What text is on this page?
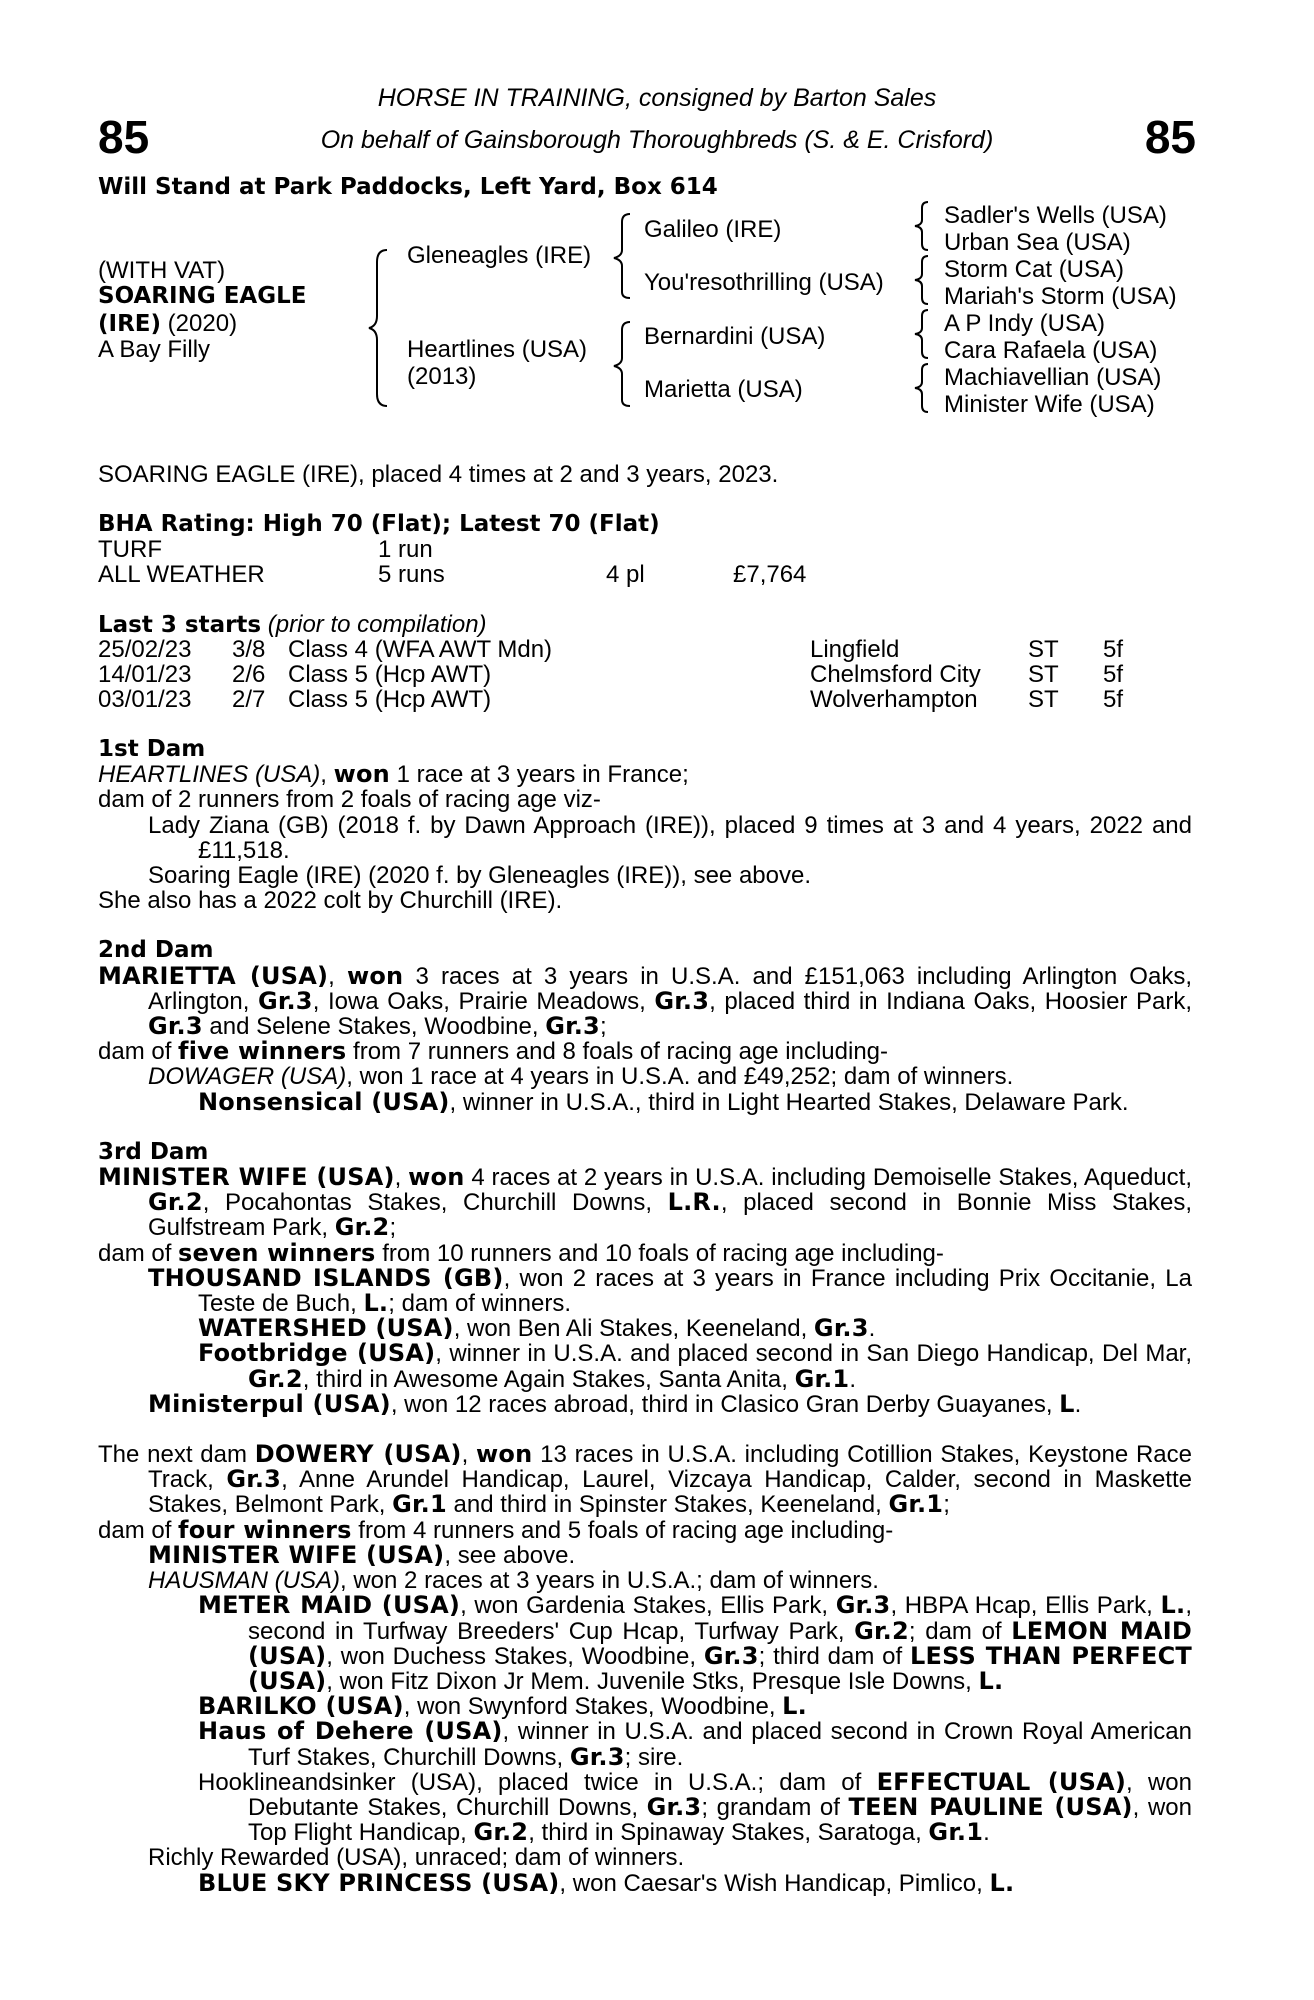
85	85
HORSE IN TRAINING, consigned by Barton Sales
On behalf of Gainsborough Thoroughbreds (S. & E. Crisford)
Will Stand at Park Paddocks, Left Yard, Box 614
(WITH VAT)
SOARING EAGLE
(IRE) (2020)
A Bay Filly
Gleneagles (IRE)
Heartlines (USA)
(2013)
Galileo (IRE)
You'resothrilling (USA)
Bernardini (USA)
Marietta (USA)
Sadler's Wells (USA)
Urban Sea (USA)
Storm Cat (USA)
Mariah's Storm (USA)
A P Indy (USA)
Cara Rafaela (USA)
Machiavellian (USA)
Minister Wife (USA)
SOARING EAGLE (IRE), placed 4 times at 2 and 3 years, 2023.
BHA Rating: High 70 (Flat); Latest 70 (Flat)
TURF	1 run
ALL WEATHER	5 runs	4 pl	£7,764
Last 3 starts (prior to compilation)
25/02/23 3/8 Class 4 (WFA AWT Mdn)	Lingfield	ST 5f
14/01/23 2/6 Class 5 (Hcp AWT)	Chelmsford City ST 5f
03/01/23 2/7 Class 5 (Hcp AWT)	Wolverhampton ST 5f

1st Dam

HEARTLINES (USA), won 1 race at 3 years in France;

dam of 2 runners from 2 foals of racing age viz-

Lady Ziana (GB) (2018 f. by Dawn Approach (IRE)), placed 9 times at 3 and 4 years, 2022 and £11,518.

Soaring Eagle (IRE) (2020 f. by Gleneagles (IRE)), see above.

She also has a 2022 colt by Churchill (IRE).

2nd Dam

MARIETTA (USA), won 3 races at 3 years in U.S.A. and £151,063 including Arlington Oaks, Arlington, Gr.3, Iowa Oaks, Prairie Meadows, Gr.3, placed third in Indiana Oaks, Hoosier Park, Gr.3 and Selene Stakes, Woodbine, Gr.3;

dam of five winners from 7 runners and 8 foals of racing age including-

DOWAGER (USA), won 1 race at 4 years in U.S.A. and £49,252; dam of winners.

Nonsensical (USA), winner in U.S.A., third in Light Hearted Stakes, Delaware Park.

3rd Dam

MINISTER WIFE (USA), won 4 races at 2 years in U.S.A. including Demoiselle Stakes, Aqueduct, Gr.2, Pocahontas Stakes, Churchill Downs, L.R., placed second in Bonnie Miss Stakes, Gulfstream Park, Gr.2;

dam of seven winners from 10 runners and 10 foals of racing age including-

THOUSAND ISLANDS (GB), won 2 races at 3 years in France including Prix Occitanie, La Teste de Buch, L.; dam of winners.

WATERSHED (USA), won Ben Ali Stakes, Keeneland, Gr.3.

Footbridge (USA), winner in U.S.A. and placed second in San Diego Handicap, Del Mar, Gr.2, third in Awesome Again Stakes, Santa Anita, Gr.1.

Ministerpul (USA), won 12 races abroad, third in Clasico Gran Derby Guayanes, L.

The next dam DOWERY (USA), won 13 races in U.S.A. including Cotillion Stakes, Keystone Race Track, Gr.3, Anne Arundel Handicap, Laurel, Vizcaya Handicap, Calder, second in Maskette Stakes, Belmont Park, Gr.1 and third in Spinster Stakes, Keeneland, Gr.1;

dam of four winners from 4 runners and 5 foals of racing age including-

MINISTER WIFE (USA), see above.

HAUSMAN (USA), won 2 races at 3 years in U.S.A.; dam of winners.

METER MAID (USA), won Gardenia Stakes, Ellis Park, Gr.3, HBPA Hcap, Ellis Park, L., second in Turfway Breeders' Cup Hcap, Turfway Park, Gr.2; dam of LEMON MAID (USA), won Duchess Stakes, Woodbine, Gr.3; third dam of LESS THAN PERFECT (USA), won Fitz Dixon Jr Mem. Juvenile Stks, Presque Isle Downs, L.

BARILKO (USA), won Swynford Stakes, Woodbine, L.

Haus of Dehere (USA), winner in U.S.A. and placed second in Crown Royal American Turf Stakes, Churchill Downs, Gr.3; sire.

Hooklineandsinker (USA), placed twice in U.S.A.; dam of EFFECTUAL (USA), won Debutante Stakes, Churchill Downs, Gr.3; grandam of TEEN PAULINE (USA), won Top Flight Handicap, Gr.2, third in Spinaway Stakes, Saratoga, Gr.1.

Richly Rewarded (USA), unraced; dam of winners.

BLUE SKY PRINCESS (USA), won Caesar's Wish Handicap, Pimlico, L.
